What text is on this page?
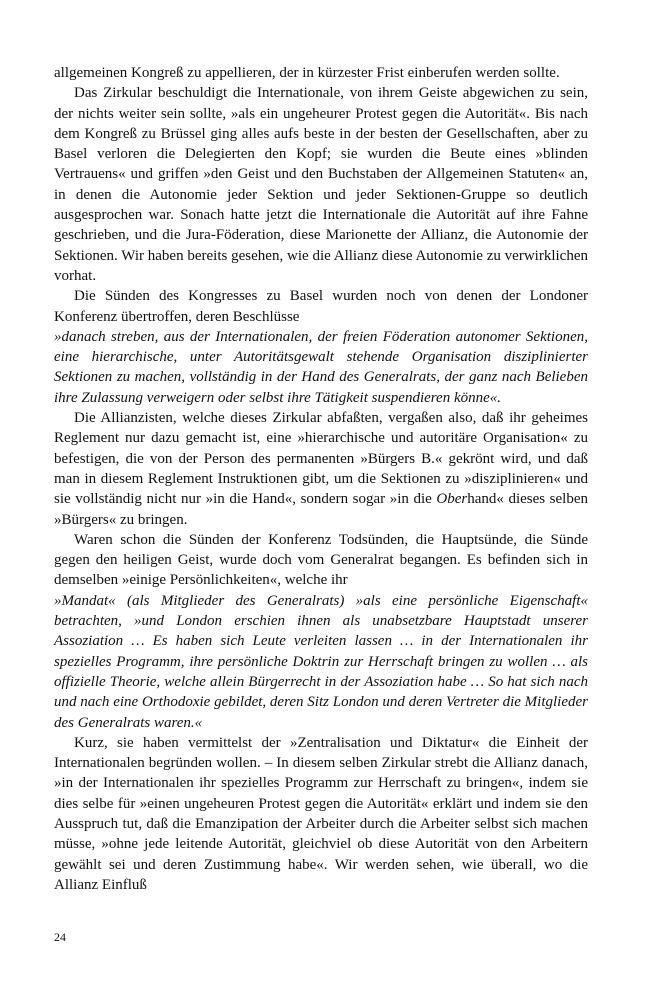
allgemeinen Kongreß zu appellieren, der in kürzester Frist einberufen werden sollte.

Das Zirkular beschuldigt die Internationale, von ihrem Geiste abgewichen zu sein, der nichts weiter sein sollte, »als ein ungeheurer Protest gegen die Autorität«. Bis nach dem Kongreß zu Brüssel ging alles aufs beste in der besten der Gesellschaften, aber zu Basel verloren die Delegierten den Kopf; sie wurden die Beute eines »blinden Vertrauens« und griffen »den Geist und den Buchstaben der Allgemeinen Statuten« an, in denen die Autonomie jeder Sektion und jeder Sektionen-Gruppe so deutlich ausgesprochen war. Sonach hatte jetzt die Internationale die Autorität auf ihre Fahne geschrieben, und die Jura-Föderation, diese Marionette der Allianz, die Autonomie der Sektionen. Wir haben bereits gesehen, wie die Allianz diese Autonomie zu verwirklichen vorhat.

Die Sünden des Kongresses zu Basel wurden noch von denen der Londoner Konferenz übertroffen, deren Beschlüsse

»danach streben, aus der Internationalen, der freien Föderation autonomer Sektionen, eine hierarchische, unter Autoritätsgewalt stehende Organisation disziplinierter Sektionen zu machen, vollständig in der Hand des Generalrats, der ganz nach Belieben ihre Zulassung verweigern oder selbst ihre Tätigkeit suspendieren könne«.

Die Allianzisten, welche dieses Zirkular abfaßten, vergaßen also, daß ihr geheimes Reglement nur dazu gemacht ist, eine »hierarchische und autoritäre Organisation« zu befestigen, die von der Person des permanenten »Bürgers B.« gekrönt wird, und daß man in diesem Reglement Instruktionen gibt, um die Sektionen zu »disziplinieren« und sie vollständig nicht nur »in die Hand«, sondern sogar »in die Oberhand« dieses selben »Bürgers« zu bringen.

Waren schon die Sünden der Konferenz Todsünden, die Hauptsünde, die Sünde gegen den heiligen Geist, wurde doch vom Generalrat begangen. Es befinden sich in demselben »einige Persönlichkeiten«, welche ihr

»Mandat« (als Mitglieder des Generalrats) »als eine persönliche Eigenschaft« betrachten, »und London erschien ihnen als unabsetzbare Hauptstadt unserer Assoziation … Es haben sich Leute verleiten lassen … in der Internationalen ihr spezielles Programm, ihre persönliche Doktrin zur Herrschaft bringen zu wollen … als offizielle Theorie, welche allein Bürgerrecht in der Assoziation habe … So hat sich nach und nach eine Orthodoxie gebildet, deren Sitz London und deren Vertreter die Mitglieder des Generalrats waren.«

Kurz, sie haben vermittelst der »Zentralisation und Diktatur« die Einheit der Internationalen begründen wollen. – In diesem selben Zirkular strebt die Allianz danach, »in der Internationalen ihr spezielles Programm zur Herrschaft zu bringen«, indem sie dies selbe für »einen ungeheuren Protest gegen die Autorität« erklärt und indem sie den Ausspruch tut, daß die Emanzipation der Arbeiter durch die Arbeiter selbst sich machen müsse, »ohne jede leitende Autorität, gleichviel ob diese Autorität von den Arbeitern gewählt sei und deren Zustimmung habe«. Wir werden sehen, wie überall, wo die Allianz Einfluß

24
